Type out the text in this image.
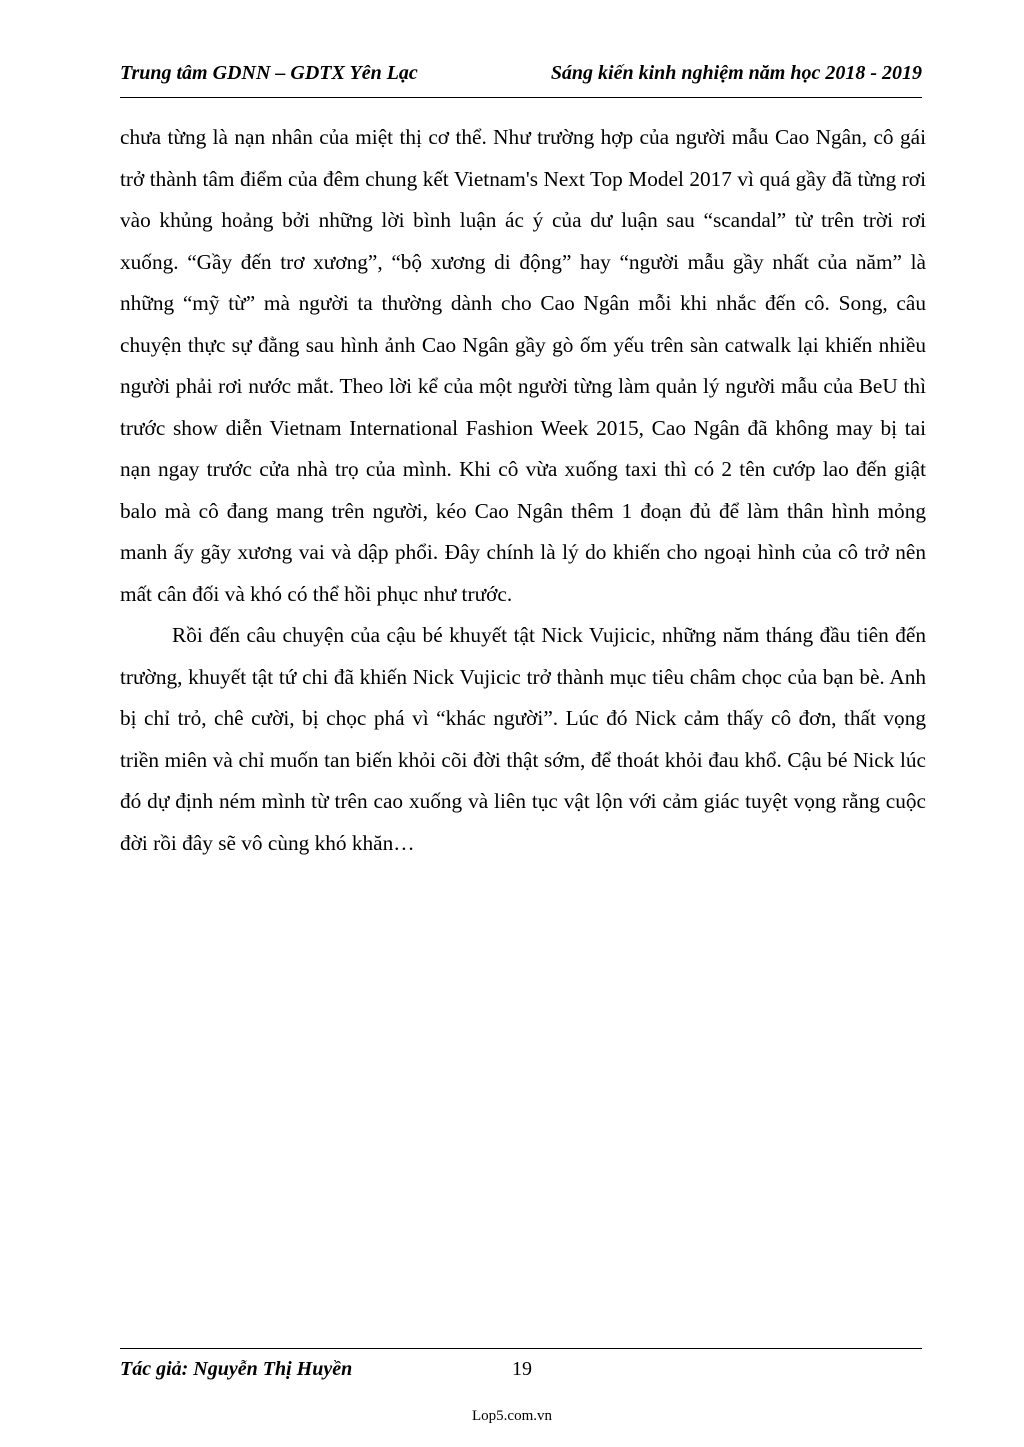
Trung tâm GDNN – GDTX Yên Lạc	Sáng kiến kinh nghiệm năm học 2018 - 2019

chưa từng là nạn nhân của miệt thị cơ thể. Như trường hợp của người mẫu Cao Ngân, cô gái trở thành tâm điểm của đêm chung kết Vietnam's Next Top Model 2017 vì quá gầy đã từng rơi vào khủng hoảng bởi những lời bình luận ác ý của dư luận sau “scandal” từ trên trời rơi xuống. “Gầy đến trơ xương”, “bộ xương di động” hay “người mẫu gầy nhất của năm” là những “mỹ từ” mà người ta thường dành cho Cao Ngân mỗi khi nhắc đến cô. Song, câu chuyện thực sự đằng sau hình ảnh Cao Ngân gầy gò ốm yếu trên sàn catwalk lại khiến nhiều người phải rơi nước mắt. Theo lời kể của một người từng làm quản lý người mẫu của BeU thì trước show diễn Vietnam International Fashion Week 2015, Cao Ngân đã không may bị tai nạn ngay trước cửa nhà trọ của mình. Khi cô vừa xuống taxi thì có 2 tên cướp lao đến giật balo mà cô đang mang trên người, kéo Cao Ngân thêm 1 đoạn đủ để làm thân hình mỏng manh ấy gãy xương vai và dập phổi. Đây chính là lý do khiến cho ngoại hình của cô trở nên mất cân đối và khó có thể hồi phục như trước.

Rồi đến câu chuyện của cậu bé khuyết tật Nick Vujicic, những năm tháng đầu tiên đến trường, khuyết tật tứ chi đã khiến Nick Vujicic trở thành mục tiêu châm chọc của bạn bè. Anh bị chỉ trỏ, chê cười, bị chọc phá vì “khác người”. Lúc đó Nick cảm thấy cô đơn, thất vọng triền miên và chỉ muốn tan biến khỏi cõi đời thật sớm, để thoát khỏi đau khổ. Cậu bé Nick lúc đó dự định ném mình từ trên cao xuống và liên tục vật lộn với cảm giác tuyệt vọng rằng cuộc đời rồi đây sẽ vô cùng khó khăn…

Tác giả: Nguyễn Thị Huyền	19
Lop5.com.vn
